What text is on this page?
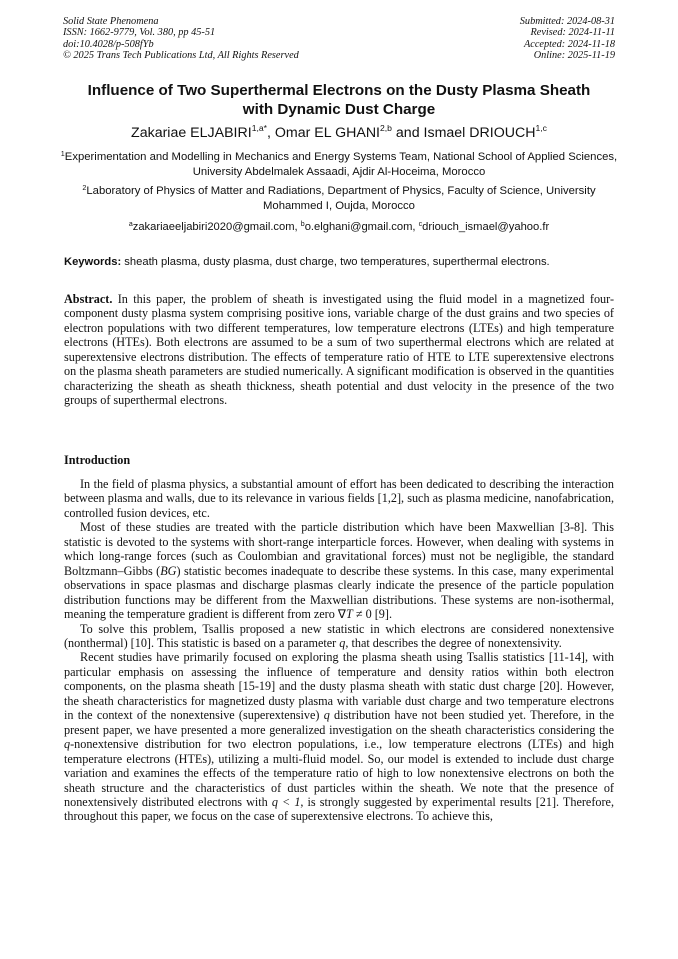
Solid State Phenomena
ISSN: 1662-9779, Vol. 380, pp 45-51
doi:10.4028/p-508fYb
© 2025 Trans Tech Publications Ltd, All Rights Reserved
Submitted: 2024-08-31
Revised: 2024-11-11
Accepted: 2024-11-18
Online: 2025-11-19
Influence of Two Superthermal Electrons on the Dusty Plasma Sheath
with Dynamic Dust Charge
Zakariae $ELJABIRI^{1,a*}$, Omar EL GHANI$^{2,b}$ and Ismael DRIOUCH$^{1,c}$
$^1$Experimentation and Modelling in Mechanics and Energy Systems Team, National School of Applied Sciences, University Abdelmalek Assaadi, Ajdir Al-Hoceima, Morocco
$^2$Laboratory of Physics of Matter and Radiations, Department of Physics, Faculty of Science, University Mohammed I, Oujda, Morocco
$^a$zakariaeeljabiri2020@gmail.com, $^b$o.elghani@gmail.com, $^c$driouch_ismael@yahoo.fr
Keywords: sheath plasma, dusty plasma, dust charge, two temperatures, superthermal electrons.
Abstract. In this paper, the problem of sheath is investigated using the fluid model in a magnetized four-component dusty plasma system comprising positive ions, variable charge of the dust grains and two species of electron populations with two different temperatures, low temperature electrons (LTEs) and high temperature electrons (HTEs). Both electrons are assumed to be a sum of two superthermal electrons which are related at superextensive electrons distribution. The effects of temperature ratio of HTE to LTE superextensive electrons on the plasma sheath parameters are studied numerically. A significant modification is observed in the quantities characterizing the sheath as sheath thickness, sheath potential and dust velocity in the presence of the two groups of superthermal electrons.
Introduction

In the field of plasma physics, a substantial amount of effort has been dedicated to describing the interaction between plasma and walls, due to its relevance in various fields [1,2], such as plasma medicine, nanofabrication, controlled fusion devices, etc.

Most of these studies are treated with the particle distribution which have been Maxwellian [3-8]. This statistic is devoted to the systems with short-range interparticle forces. However, when dealing with systems in which long-range forces (such as Coulombian and gravitational forces) must not be negligible, the standard Boltzmann–Gibbs (BG) statistic becomes inadequate to describe these systems. In this case, many experimental observations in space plasmas and discharge plasmas clearly indicate the presence of the particle population distribution functions may be different from the Maxwellian distributions. These systems are non-isothermal, meaning the temperature gradient is different from zero ∇T ≠ 0 [9].

To solve this problem, Tsallis proposed a new statistic in which electrons are considered nonextensive (nonthermal) [10]. This statistic is based on a parameter q, that describes the degree of nonextensivity.

Recent studies have primarily focused on exploring the plasma sheath using Tsallis statistics [11-14], with particular emphasis on assessing the influence of temperature and density ratios within both electron components, on the plasma sheath [15-19] and the dusty plasma sheath with static dust charge [20]. However, the sheath characteristics for magnetized dusty plasma with variable dust charge and two temperature electrons in the context of the nonextensive (superextensive) q distribution have not been studied yet. Therefore, in the present paper, we have presented a more generalized investigation on the sheath characteristics considering the q-nonextensive distribution for two electron populations, i.e., low temperature electrons (LTEs) and high temperature electrons (HTEs), utilizing a multi-fluid model. So, our model is extended to include dust charge variation and examines the effects of the temperature ratio of high to low nonextensive electrons on both the sheath structure and the characteristics of dust particles within the sheath. We note that the presence of nonextensively distributed electrons with q < 1, is strongly suggested by experimental results [21]. Therefore, throughout this paper, we focus on the case of superextensive electrons. To achieve this,
